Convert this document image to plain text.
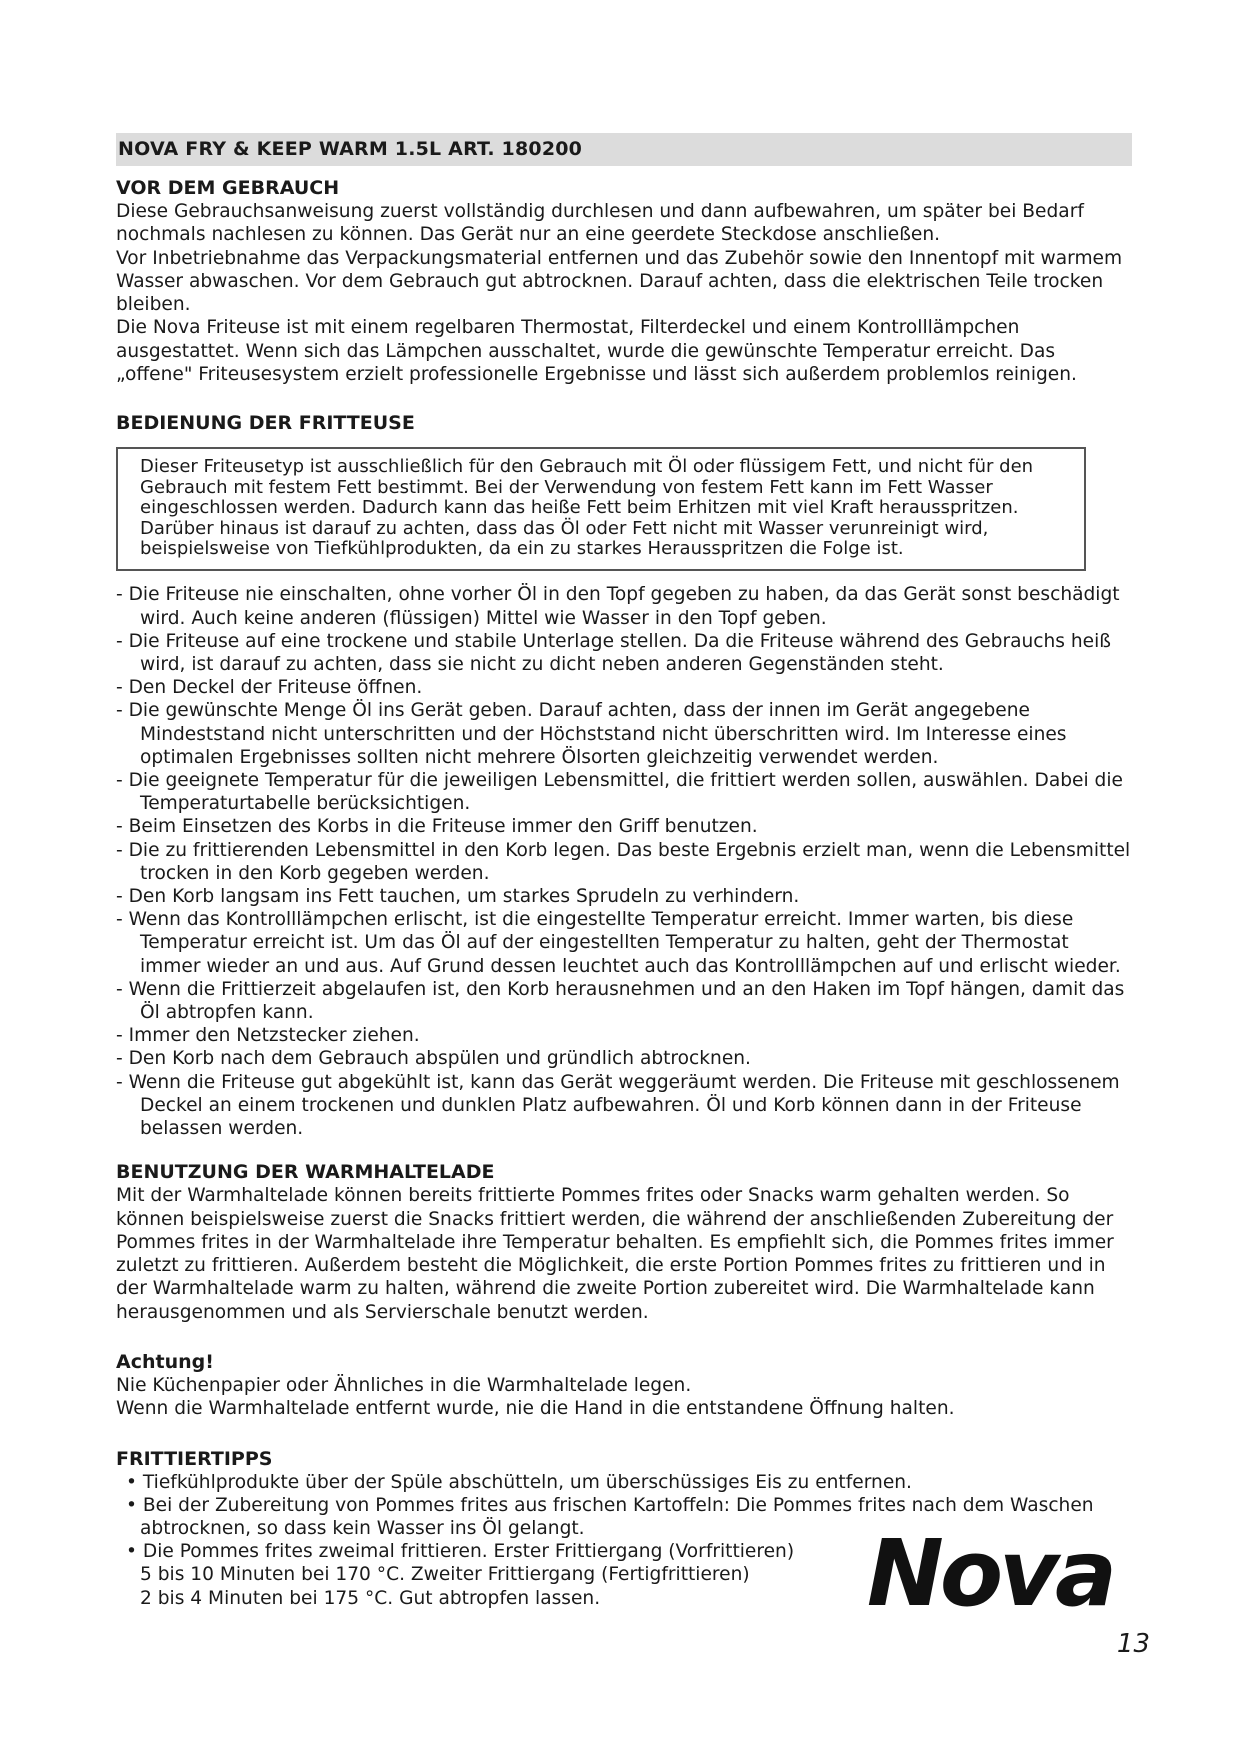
NOVA FRY & KEEP WARM 1.5L ART. 180200
VOR DEM GEBRAUCH

Diese Gebrauchsanweisung zuerst vollständig durchlesen und dann aufbewahren, um später bei Bedarf nochmals nachlesen zu können. Das Gerät nur an eine geerdete Steckdose anschließen.

Vor Inbetriebnahme das Verpackungsmaterial entfernen und das Zubehör sowie den Innentopf mit warmem Wasser abwaschen. Vor dem Gebrauch gut abtrocknen. Darauf achten, dass die elektrischen Teile trocken bleiben.

Die Nova Friteuse ist mit einem regelbaren Thermostat, Filterdeckel und einem Kontrolllämpchen ausgestattet. Wenn sich das Lämpchen ausschaltet, wurde die gewünschte Temperatur erreicht. Das „offene" Friteusesystem erzielt professionelle Ergebnisse und lässt sich außerdem problemlos reinigen.

BEDIENUNG DER FRITTEUSE

Dieser Friteusetyp ist ausschließlich für den Gebrauch mit Öl oder flüssigem Fett, und nicht für den Gebrauch mit festem Fett bestimmt. Bei der Verwendung von festem Fett kann im Fett Wasser eingeschlossen werden. Dadurch kann das heiße Fett beim Erhitzen mit viel Kraft herausspritzen. Darüber hinaus ist darauf zu achten, dass das Öl oder Fett nicht mit Wasser verunreinigt wird, beispielsweise von Tiefkühlprodukten, da ein zu starkes Herausspritzen die Folge ist.

- Die Friteuse nie einschalten, ohne vorher Öl in den Topf gegeben zu haben, da das Gerät sonst beschädigt wird. Auch keine anderen (flüssigen) Mittel wie Wasser in den Topf geben.
- Die Friteuse auf eine trockene und stabile Unterlage stellen. Da die Friteuse während des Gebrauchs heiß wird, ist darauf zu achten, dass sie nicht zu dicht neben anderen Gegenständen steht.
- Den Deckel der Friteuse öffnen.
- Die gewünschte Menge Öl ins Gerät geben. Darauf achten, dass der innen im Gerät angegebene Mindeststand nicht unterschritten und der Höchststand nicht überschritten wird. Im Interesse eines optimalen Ergebnisses sollten nicht mehrere Ölsorten gleichzeitig verwendet werden.
- Die geeignete Temperatur für die jeweiligen Lebensmittel, die frittiert werden sollen, auswählen. Dabei die Temperaturtabelle berücksichtigen.
- Beim Einsetzen des Korbs in die Friteuse immer den Griff benutzen.
- Die zu frittierenden Lebensmittel in den Korb legen. Das beste Ergebnis erzielt man, wenn die Lebensmittel trocken in den Korb gegeben werden.
- Den Korb langsam ins Fett tauchen, um starkes Sprudeln zu verhindern.
- Wenn das Kontrolllämpchen erlischt, ist die eingestellte Temperatur erreicht. Immer warten, bis diese Temperatur erreicht ist. Um das Öl auf der eingestellten Temperatur zu halten, geht der Thermostat immer wieder an und aus. Auf Grund dessen leuchtet auch das Kontrolllämpchen auf und erlischt wieder.
- Wenn die Frittierzeit abgelaufen ist, den Korb herausnehmen und an den Haken im Topf hängen, damit das Öl abtropfen kann.
- Immer den Netzstecker ziehen.
- Den Korb nach dem Gebrauch abspülen und gründlich abtrocknen.
- Wenn die Friteuse gut abgekühlt ist, kann das Gerät weggeräumt werden. Die Friteuse mit geschlossenem Deckel an einem trockenen und dunklen Platz aufbewahren. Öl und Korb können dann in der Friteuse belassen werden.
BENUTZUNG DER WARMHALTELADE

Mit der Warmhaltelade können bereits frittierte Pommes frites oder Snacks warm gehalten werden. So können beispielsweise zuerst die Snacks frittiert werden, die während der anschließenden Zubereitung der Pommes frites in der Warmhaltelade ihre Temperatur behalten. Es empfiehlt sich, die Pommes frites immer zuletzt zu frittieren. Außerdem besteht die Möglichkeit, die erste Portion Pommes frites zu frittieren und in der Warmhaltelade warm zu halten, während die zweite Portion zubereitet wird. Die Warmhaltelade kann herausgenommen und als Servierschale benutzt werden.

Achtung!

Nie Küchenpapier oder Ähnliches in die Warmhaltelade legen.

Wenn die Warmhaltelade entfernt wurde, nie die Hand in die entstandene Öffnung halten.

FRITTIERTIPPS
• Tiefkühlprodukte über der Spüle abschütteln, um überschüssiges Eis zu entfernen.
• Bei der Zubereitung von Pommes frites aus frischen Kartoffeln: Die Pommes frites nach dem Waschen abtrocknen, so dass kein Wasser ins Öl gelangt.
• Die Pommes frites zweimal frittieren. Erster Frittiergang (Vorfrittieren)
5 bis 10 Minuten bei 170 °C. Zweiter Frittiergang (Fertigfrittieren)
2 bis 4 Minuten bei 175 °C. Gut abtropfen lassen.	Nova
13
